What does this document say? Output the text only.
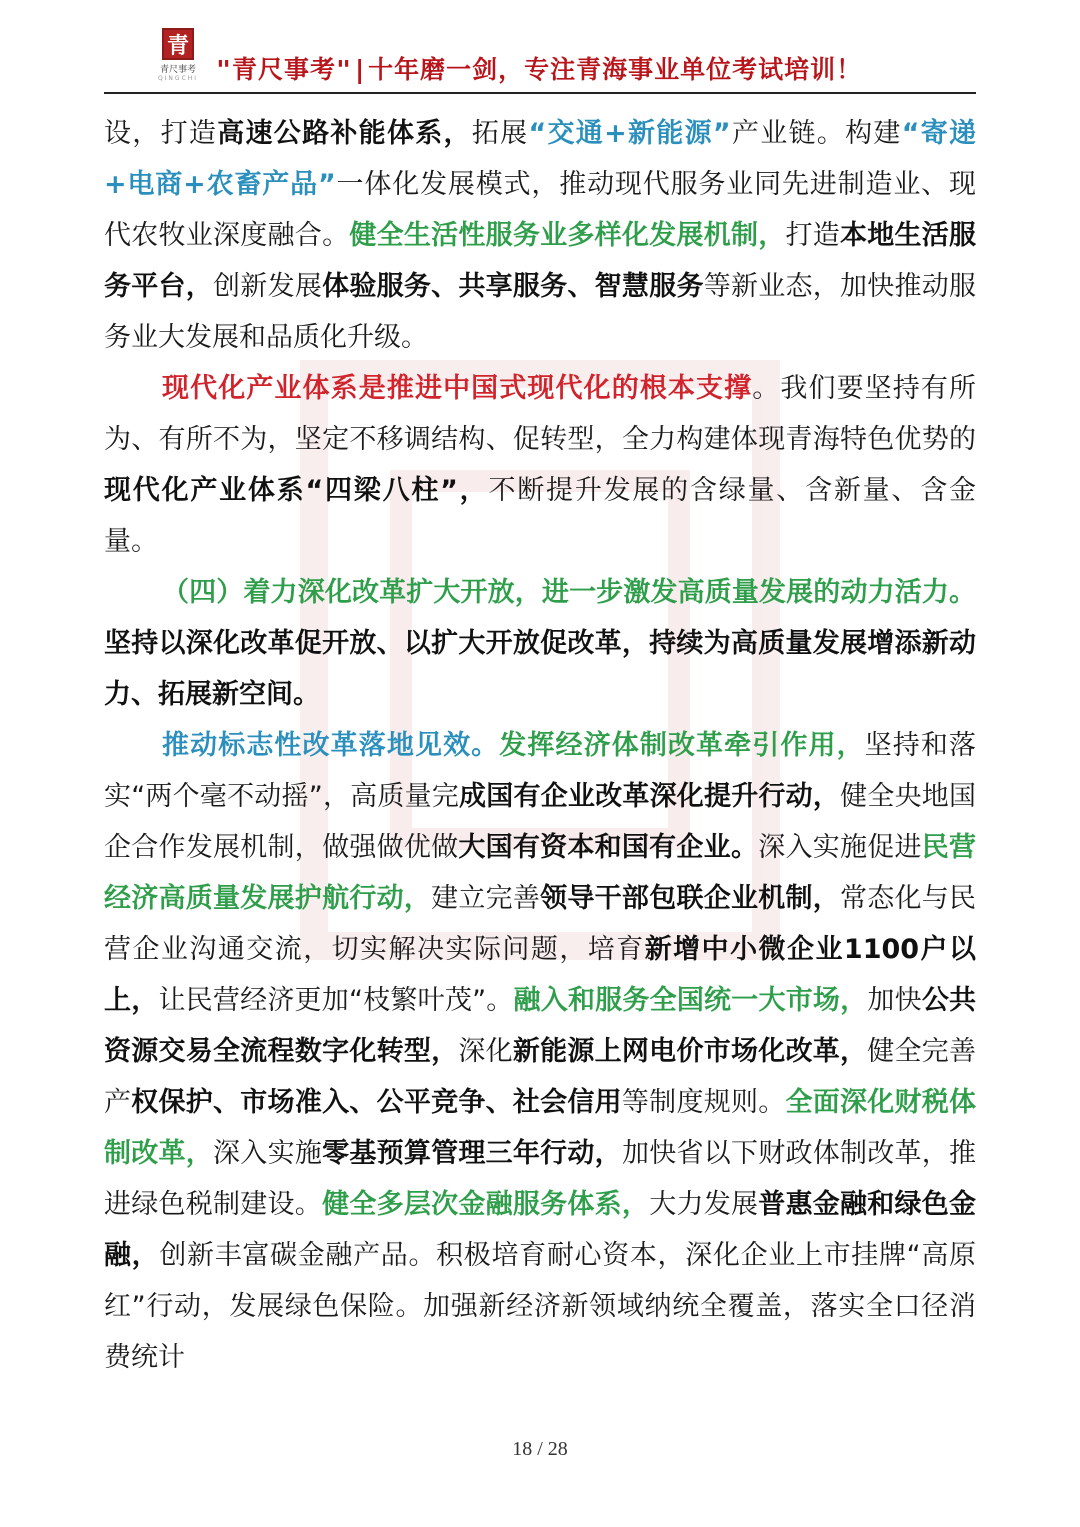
青
青尺事考
QINGCHI "青尺事考"|十年磨一剑，专注青海事业单位考试培训！

设，打造高速公路补能体系，拓展“交通+新能源”产业链。构建“寄递+电商+农畜产品”一体化发展模式，推动现代服务业同先进制造业、现代农牧业深度融合。健全生活性服务业多样化发展机制，打造本地生活服务平台，创新发展体验服务、共享服务、智慧服务等新业态，加快推动服务业大发展和品质化升级。

现代化产业体系是推进中国式现代化的根本支撑。我们要坚持有所为、有所不为，坚定不移调结构、促转型，全力构建体现青海特色优势的现代化产业体系“四梁八柱”，不断提升发展的含绿量、含新量、含金量。

（四）着力深化改革扩大开放，进一步激发高质量发展的动力活力。坚持以深化改革促开放、以扩大开放促改革，持续为高质量发展增添新动力、拓展新空间。

推动标志性改革落地见效。发挥经济体制改革牵引作用，坚持和落实“两个毫不动摇”，高质量完成国有企业改革深化提升行动，健全央地国企合作发展机制，做强做优做大国有资本和国有企业。深入实施促进民营经济高质量发展护航行动，建立完善领导干部包联企业机制，常态化与民营企业沟通交流，切实解决实际问题，培育新增中小微企业1100户以上，让民营经济更加“枝繁叶茂”。融入和服务全国统一大市场，加快公共资源交易全流程数字化转型，深化新能源上网电价市场化改革，健全完善产权保护、市场准入、公平竞争、社会信用等制度规则。全面深化财税体制改革，深入实施零基预算管理三年行动，加快省以下财政体制改革，推进绿色税制建设。健全多层次金融服务体系，大力发展普惠金融和绿色金融，创新丰富碳金融产品。积极培育耐心资本，深化企业上市挂牌“高原红”行动，发展绿色保险。加强新经济新领域纳统全覆盖，落实全口径消费统计

18 / 28
